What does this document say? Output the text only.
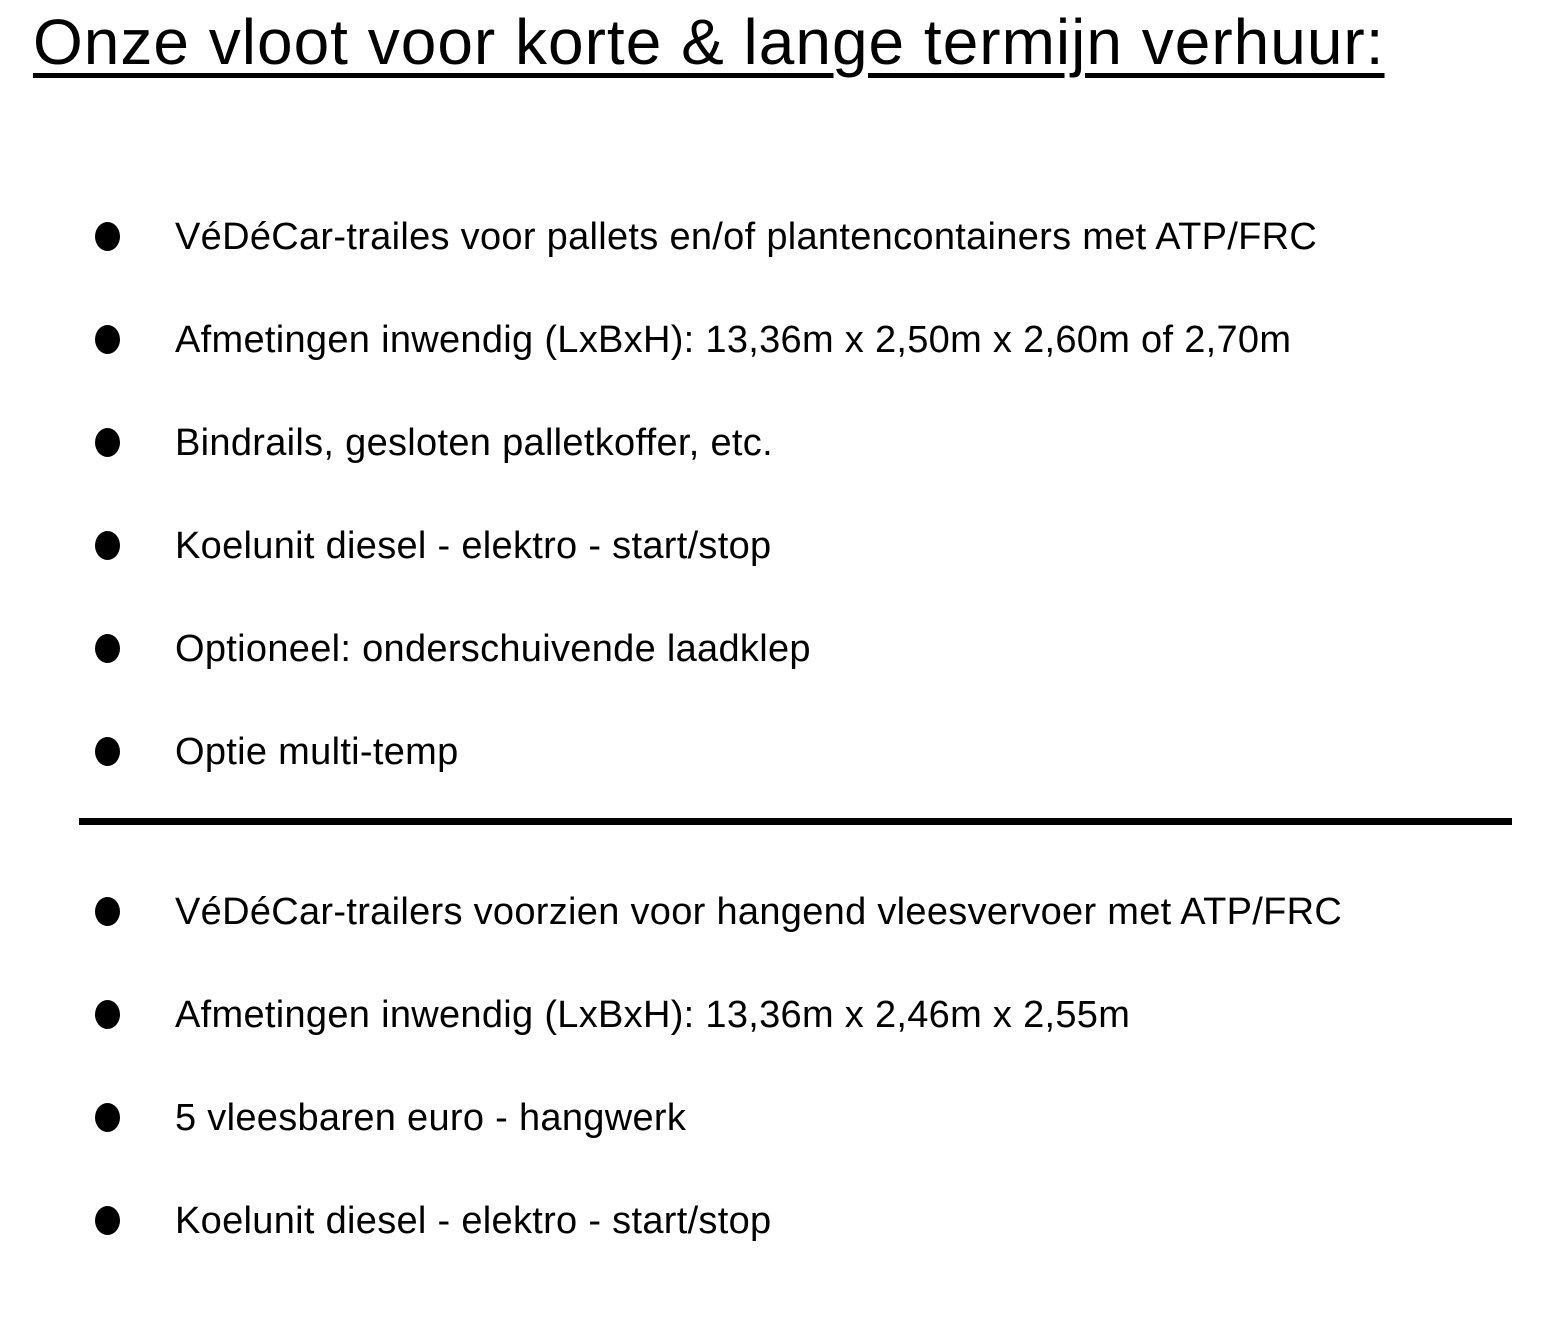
Onze vloot voor korte & lange termijn verhuur:
VéDéCar-trailes voor pallets en/of plantencontainers met ATP/FRC
Afmetingen inwendig (LxBxH): 13,36m x 2,50m x 2,60m of 2,70m
Bindrails, gesloten palletkoffer, etc.
Koelunit diesel - elektro - start/stop
Optioneel: onderschuivende laadklep
Optie multi-temp
VéDéCar-trailers voorzien voor hangend vleesvervoer met ATP/FRC
Afmetingen inwendig (LxBxH): 13,36m x 2,46m x 2,55m
5 vleesbaren euro - hangwerk
Koelunit diesel - elektro - start/stop
